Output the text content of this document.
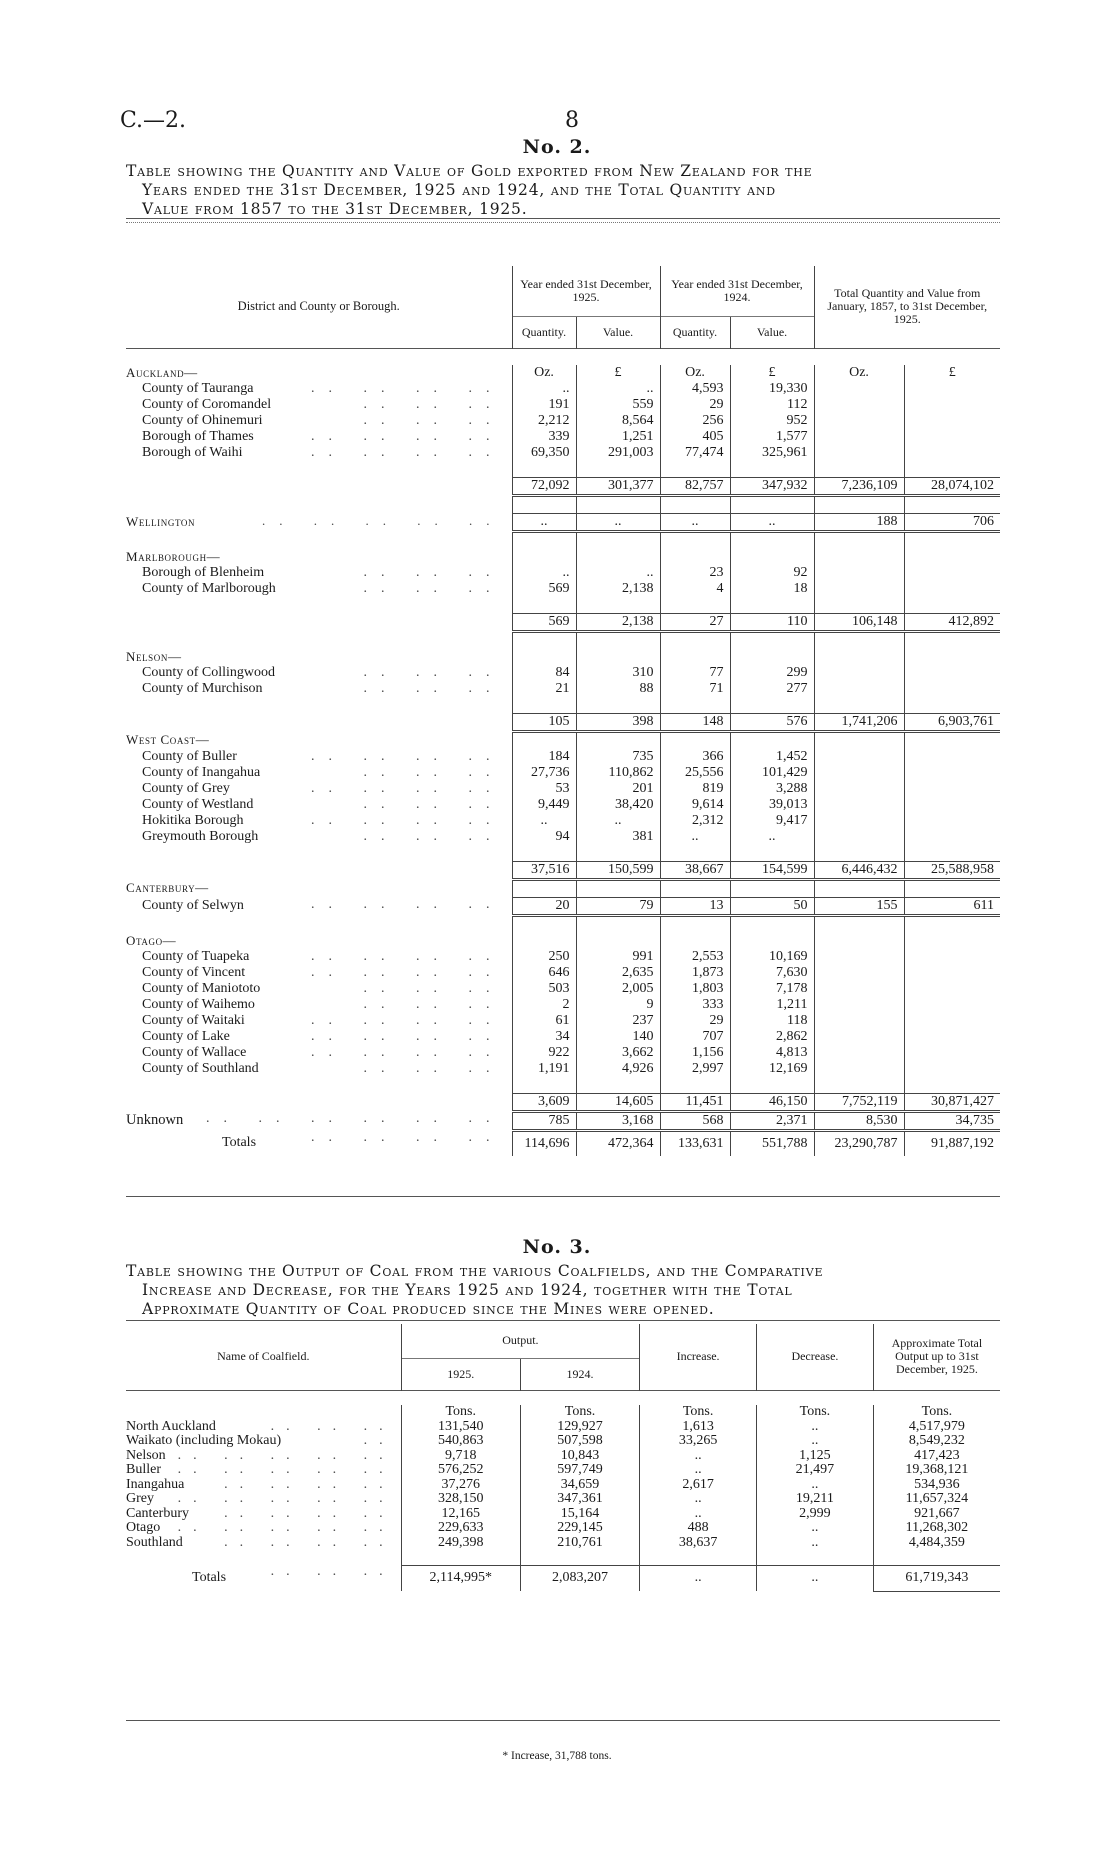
C.—2.	8
No. 2.
Table showing the Quantity and Value of Gold exported from New Zealand for the
Years ended the 31st December, 1925 and 1924, and the Total Quantity and
Value from 1857 to the 31st December, 1925.
District and County or Borough.	Year ended 31st December, 1925.		Year ended 31st December, 1924.		Total Quantity and Value from January, 1857, to 31st December, 1925.	
	Quantity.	Value.	Quantity.	Value.		

Auckland—	Oz.	£	Oz.	£	Oz.	£
County of Tauranga .. .. .. ..	..	..	4,593	19,330		
County of Coromandel .. .. ..	191	559	29	112		
County of Ohinemuri .. .. ..	2,212	8,564	256	952		
Borough of Thames .. .. .. ..	339	1,251	405	1,577		
Borough of Waihi .. .. .. ..	69,350	291,003	77,474	325,961		

	72,092	301,377	82,757	347,932	7,236,109	28,074,102

Wellington .. .. .. .. ..	..	..	..	..	188	706

Marlborough—						
Borough of Blenheim .. .. ..	..	..	23	92		
County of Marlborough .. .. ..	569	2,138	4	18		

	569	2,138	27	110	106,148	412,892

Nelson—						
County of Collingwood .. .. ..	84	310	77	299		
County of Murchison .. .. ..	21	88	71	277		

	105	398	148	576	1,741,206	6,903,761
West Coast—						
County of Buller .. .. .. ..	184	735	366	1,452		
County of Inangahua .. .. ..	27,736	110,862	25,556	101,429		
County of Grey .. .. .. ..	53	201	819	3,288		
County of Westland .. .. ..	9,449	38,420	9,614	39,013		
Hokitika Borough .. .. .. ..	..	..	2,312	9,417		
Greymouth Borough .. .. ..	94	381	..	..		

	37,516	150,599	38,667	154,599	6,446,432	25,588,958
Canterbury—						
County of Selwyn .. .. .. ..	20	79	13	50	155	611

Otago—						
County of Tuapeka .. .. .. ..	250	991	2,553	10,169		
County of Vincent .. .. .. ..	646	2,635	1,873	7,630		
County of Maniototo .. .. ..	503	2,005	1,803	7,178		
County of Waihemo .. .. ..	2	9	333	1,211		
County of Waitaki .. .. .. ..	61	237	29	118		
County of Lake .. .. .. ..	34	140	707	2,862		
County of Wallace .. .. .. ..	922	3,662	1,156	4,813		
County of Southland .. .. ..	1,191	4,926	2,997	12,169		

	3,609	14,605	11,451	46,150	7,752,119	30,871,427
Unknown .. .. .. .. .. ..	785	3,168	568	2,371	8,530	34,735
Totals .. .. .. ..	114,696	472,364	133,631	551,788	23,290,787	91,887,192
No. 3.
Table showing the Output of Coal from the various Coalfields, and the Comparative
Increase and Decrease, for the Years 1925 and 1924, together with the Total
Approximate Quantity of Coal produced since the Mines were opened.
Name of Coalfield.	Output.		Increase.	Decrease.	Approximate Total Output up to 31st December, 1925.
	1925.	1924.			

	Tons.	Tons.	Tons.	Tons.	Tons.
North Auckland .. .. ..	131,540	129,927	1,613	..	4,517,979
Waikato (including Mokau) ..	540,863	507,598	33,265	..	8,549,232
Nelson .. .. .. .. ..	9,718	10,843	..	1,125	417,423
Buller .. .. .. .. ..	576,252	597,749	..	21,497	19,368,121
Inangahua .. .. .. ..	37,276	34,659	2,617	..	534,936
Grey .. .. .. .. ..	328,150	347,361	..	19,211	11,657,324
Canterbury .. .. .. ..	12,165	15,164	..	2,999	921,667
Otago .. .. .. .. ..	229,633	229,145	488	..	11,268,302
Southland .. .. .. ..	249,398	210,761	38,637	..	4,484,359

Totals .. .. ..	2,114,995*	2,083,207	..	..	61,719,343
* Increase, 31,788 tons.
